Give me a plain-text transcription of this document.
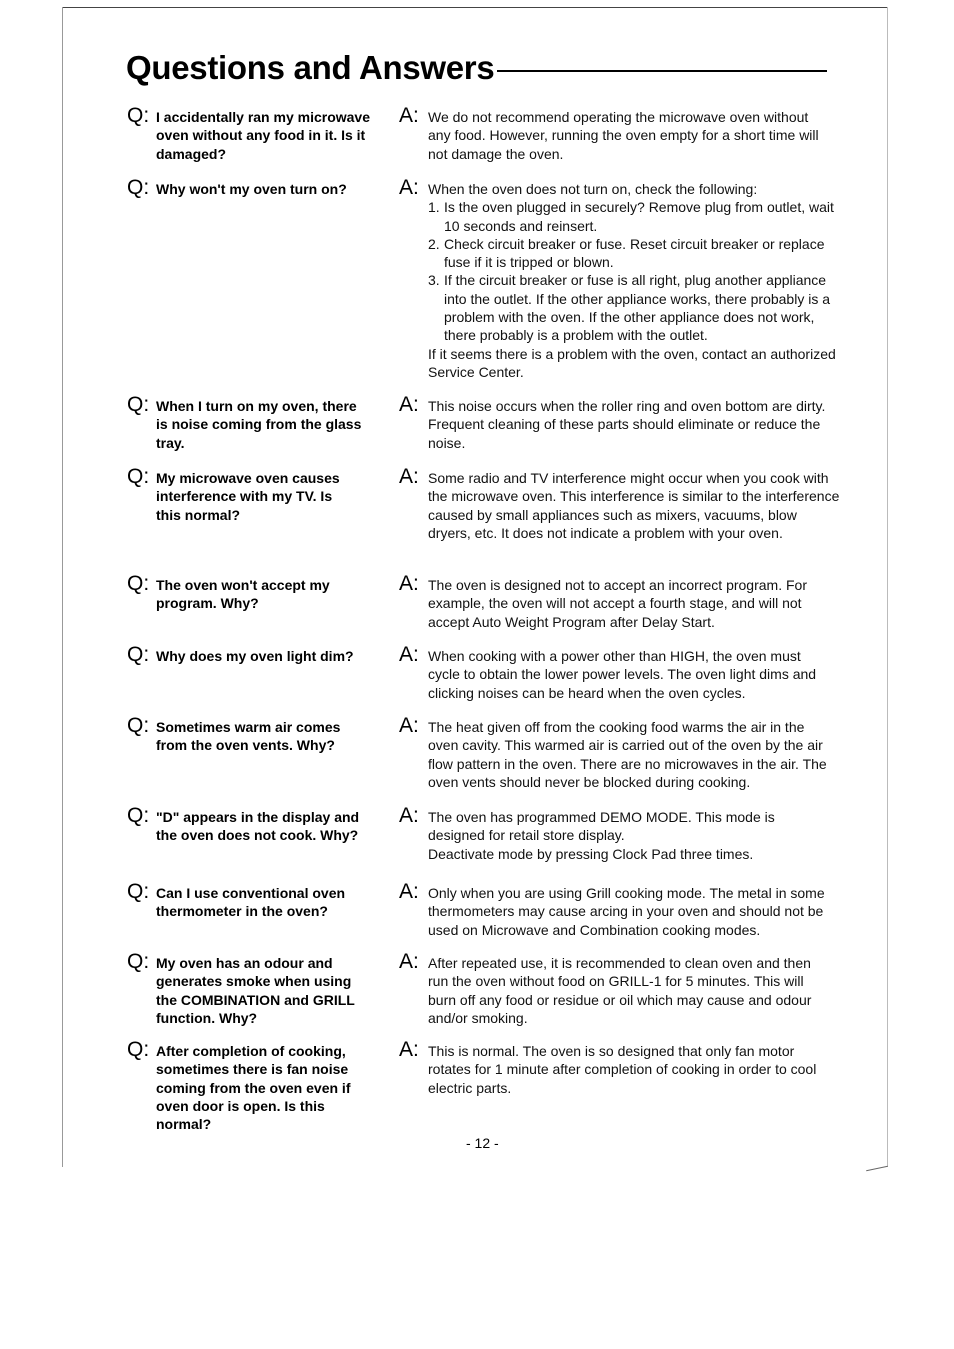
Questions and Answers
Q: I accidentally ran my microwave oven without any food in it. Is it damaged?
A: We do not recommend operating the microwave oven without any food. However, running the oven empty for a short time will not damage the oven.
Q: Why won't my oven turn on?	A: When the oven does not turn on, check the following:
1. Is the oven plugged in securely? Remove plug from outlet, wait 10 seconds and reinsert.
2. Check circuit breaker or fuse. Reset circuit breaker or replace fuse if it is tripped or blown.
3. If the circuit breaker or fuse is all right, plug another appliance into the outlet. If the other appliance works, there probably is a problem with the oven. If the other appliance does not work, there probably is a problem with the outlet.
If it seems there is a problem with the oven, contact an authorized Service Center.
Q: When I turn on my oven, there is noise coming from the glass tray.
A: This noise occurs when the roller ring and oven bottom are dirty. Frequent cleaning of these parts should eliminate or reduce the noise.
Q: My microwave oven causes interference with my TV. Is this normal?
A: Some radio and TV interference might occur when you cook with the microwave oven. This interference is similar to the interference caused by small appliances such as mixers, vacuums, blow dryers, etc. It does not indicate a problem with your oven.
Q: The oven won't accept my program. Why?
A: The oven is designed not to accept an incorrect program. For example, the oven will not accept a fourth stage, and will not accept Auto Weight Program after Delay Start.
Q: Why does my oven light dim?	A: When cooking with a power other than HIGH, the oven must cycle to obtain the lower power levels. The oven light dims and clicking noises can be heard when the oven cycles.
Q: Sometimes warm air comes from the oven vents. Why?
A: The heat given off from the cooking food warms the air in the oven cavity. This warmed air is carried out of the oven by the air flow pattern in the oven. There are no microwaves in the air. The oven vents should never be blocked during cooking.
Q: "D" appears in the display and the oven does not cook. Why?
A: The oven has programmed DEMO MODE. This mode is designed for retail store display.
Deactivate mode by pressing Clock Pad three times.
Q: Can I use conventional oven thermometer in the oven?
A: Only when you are using Grill cooking mode. The metal in some thermometers may cause arcing in your oven and should not be used on Microwave and Combination cooking modes.
Q: My oven has an odour and generates smoke when using the COMBINATION and GRILL function. Why?
A: After repeated use, it is recommended to clean oven and then run the oven without food on GRILL-1 for 5 minutes. This will burn off any food or residue or oil which may cause and odour and/or smoking.
Q: After completion of cooking, sometimes there is fan noise coming from the oven even if oven door is open. Is this normal?
A: This is normal. The oven is so designed that only fan motor rotates for 1 minute after completion of cooking in order to cool electric parts.
- 12 -
